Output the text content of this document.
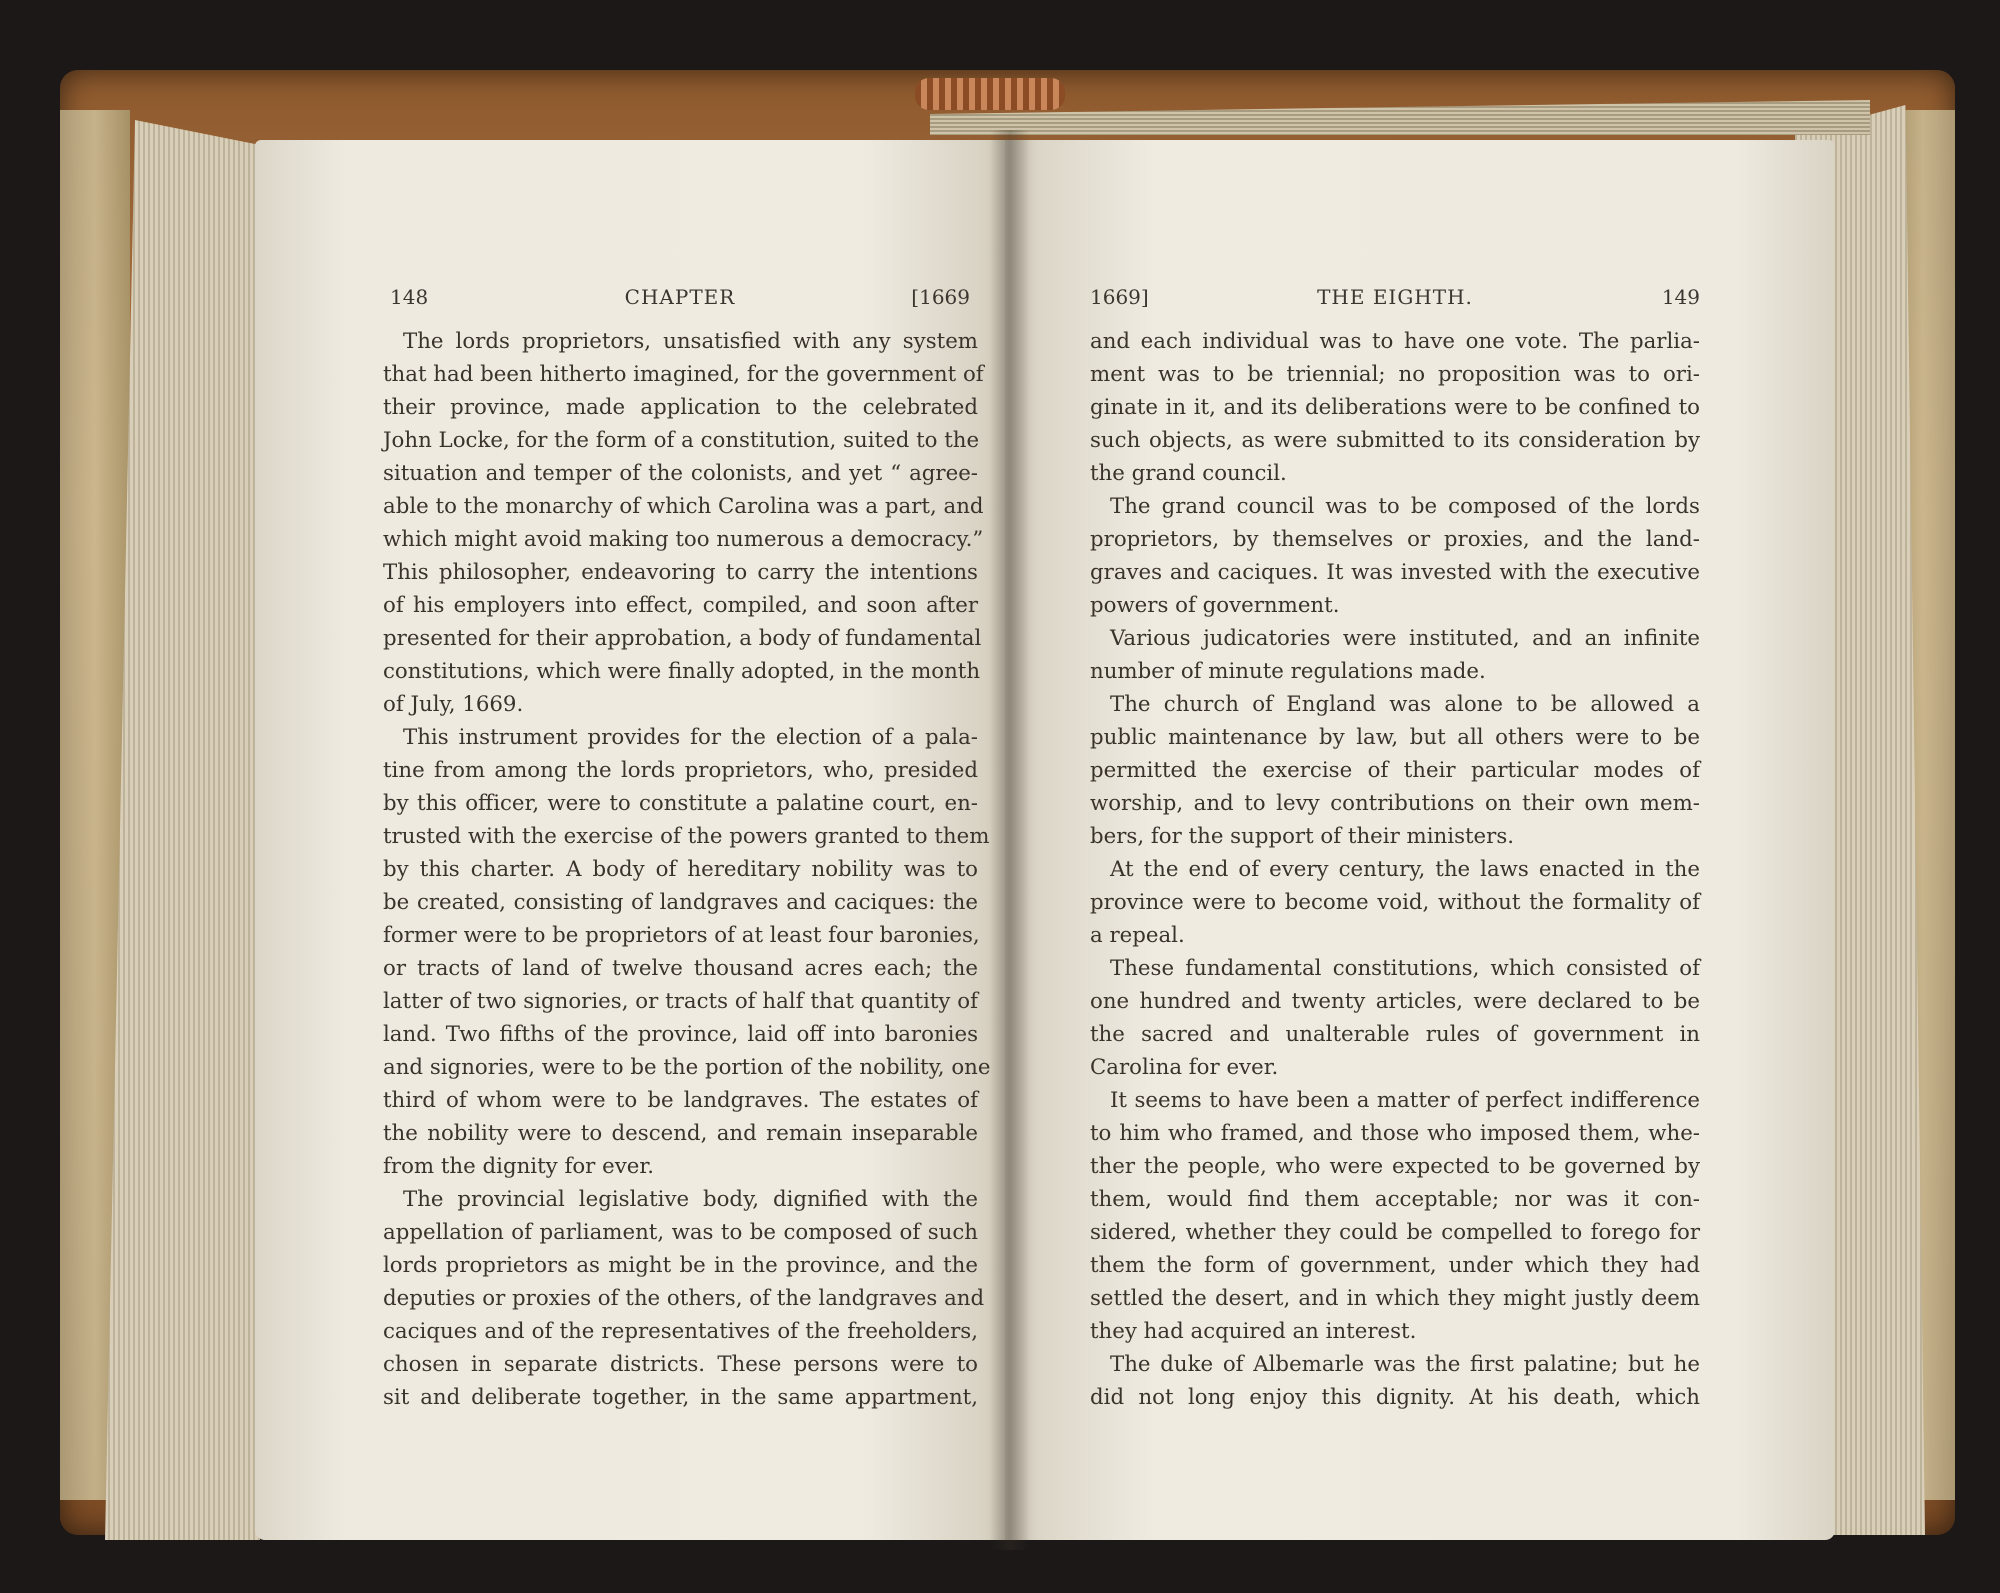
148	CHAPTER	[1669
The lords proprietors, unsatisfied with any system
that had been hitherto imagined, for the government of
their province, made application to the celebrated
John Locke, for the form of a constitution, suited to the
situation and temper of the colonists, and yet “ agree-
able to the monarchy of which Carolina was a part, and
which might avoid making too numerous a democracy.”
This philosopher, endeavoring to carry the intentions
of his employers into effect, compiled, and soon after
presented for their approbation, a body of fundamental
constitutions, which were finally adopted, in the month
of July, 1669.
This instrument provides for the election of a pala-
tine from among the lords proprietors, who, presided
by this officer, were to constitute a palatine court, en-
trusted with the exercise of the powers granted to them
by this charter. A body of hereditary nobility was to
be created, consisting of landgraves and caciques: the
former were to be proprietors of at least four baronies,
or tracts of land of twelve thousand acres each; the
latter of two signories, or tracts of half that quantity of
land. Two fifths of the province, laid off into baronies
and signories, were to be the portion of the nobility, one
third of whom were to be landgraves. The estates of
the nobility were to descend, and remain inseparable
from the dignity for ever.
The provincial legislative body, dignified with the
appellation of parliament, was to be composed of such
lords proprietors as might be in the province, and the
deputies or proxies of the others, of the landgraves and
caciques and of the representatives of the freeholders,
chosen in separate districts. These persons were to
sit and deliberate together, in the same appartment,
1669]	THE EIGHTH.	149
and each individual was to have one vote. The parlia-
ment was to be triennial; no proposition was to ori-
ginate in it, and its deliberations were to be confined to
such objects, as were submitted to its consideration by
the grand council.
The grand council was to be composed of the lords
proprietors, by themselves or proxies, and the land-
graves and caciques. It was invested with the executive
powers of government.
Various judicatories were instituted, and an infinite
number of minute regulations made.
The church of England was alone to be allowed a
public maintenance by law, but all others were to be
permitted the exercise of their particular modes of
worship, and to levy contributions on their own mem-
bers, for the support of their ministers.
At the end of every century, the laws enacted in the
province were to become void, without the formality of
a repeal.
These fundamental constitutions, which consisted of
one hundred and twenty articles, were declared to be
the sacred and unalterable rules of government in
Carolina for ever.
It seems to have been a matter of perfect indifference
to him who framed, and those who imposed them, whe-
ther the people, who were expected to be governed by
them, would find them acceptable; nor was it con-
sidered, whether they could be compelled to forego for
them the form of government, under which they had
settled the desert, and in which they might justly deem
they had acquired an interest.
The duke of Albemarle was the first palatine; but he
did not long enjoy this dignity. At his death, which
